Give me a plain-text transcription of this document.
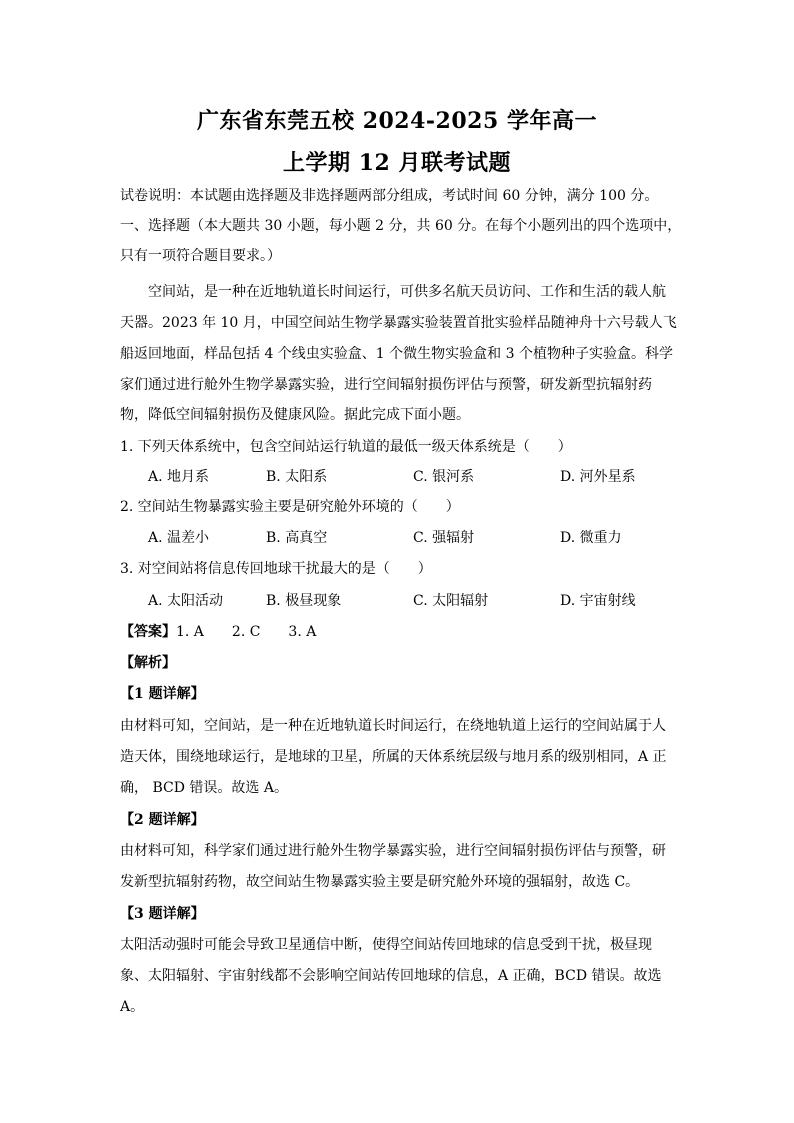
广东省东莞五校 2024-2025 学年高一
上学期 12 月联考试题
试卷说明：本试题由选择题及非选择题两部分组成，考试时间 60 分钟，满分 100 分。
一、选择题（本大题共 30 小题，每小题 2 分，共 60 分。在每个小题列出的四个选项中，
只有一项符合题目要求。）
空间站，是一种在近地轨道长时间运行，可供多名航天员访问、工作和生活的载人航
天器。2023 年 10 月，中国空间站生物学暴露实验装置首批实验样品随神舟十六号载人飞
船返回地面，样品包括 4 个线虫实验盒、1 个微生物实验盒和 3 个植物种子实验盒。科学
家们通过进行舱外生物学暴露实验，进行空间辐射损伤评估与预警，研发新型抗辐射药
物，降低空间辐射损伤及健康风险。据此完成下面小题。
1. 下列天体系统中，包含空间站运行轨道的最低一级天体系统是（　　）
A. 地月系	B. 太阳系	C. 银河系	D. 河外星系
2. 空间站生物暴露实验主要是研究舱外环境的（　　）
A. 温差小	B. 高真空	C. 强辐射	D. 微重力
3. 对空间站将信息传回地球干扰最大的是（　　）
A. 太阳活动	B. 极昼现象	C. 太阳辐射	D. 宇宙射线
【答案】1. A　　2. C　　3. A
【解析】
【1 题详解】
由材料可知，空间站，是一种在近地轨道长时间运行，在绕地轨道上运行的空间站属于人
造天体，围绕地球运行，是地球的卫星，所属的天体系统层级与地月系的级别相同，A 正
确， BCD 错误。故选 A。
【2 题详解】
由材料可知，科学家们通过进行舱外生物学暴露实验，进行空间辐射损伤评估与预警，研
发新型抗辐射药物，故空间站生物暴露实验主要是研究舱外环境的强辐射，故选 C。
【3 题详解】
太阳活动强时可能会导致卫星通信中断，使得空间站传回地球的信息受到干扰，极昼现
象、太阳辐射、宇宙射线都不会影响空间站传回地球的信息，A 正确，BCD 错误。故选
A。
